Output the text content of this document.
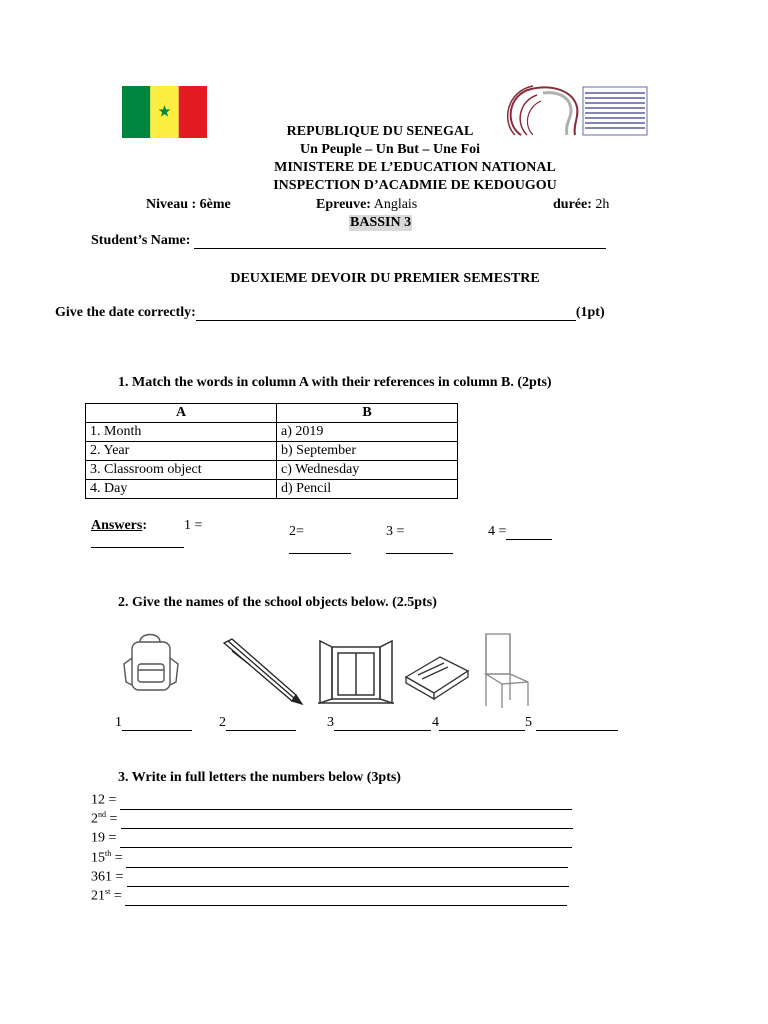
REPUBLIQUE DU SENEGAL
Un Peuple – Un But – Une Foi
MINISTERE DE L’EDUCATION NATIONAL
INSPECTION D’ACADMIE DE KEDOUGOU
Niveau : 6ème	Epreuve: Anglais	durée: 2h
BASSIN 3
Student’s Name:
DEUXIEME DEVOIR DU PREMIER SEMESTRE
Give the date correctly:	(1pt)
1. Match the words in column A with their references in column B. (2pts)
A	B
1. Month	a) 2019
2. Year	b) September
3. Classroom object	c) Wednesday
4. Day	d) Pencil
Answers:	1 =	2=	3 =	4 =
2. Give the names of the school objects below. (2.5pts)
1	2	3	4	5
3. Write in full letters the numbers below (3pts)
12 =
2nd =
19 =
15th =
361 =
21st =
